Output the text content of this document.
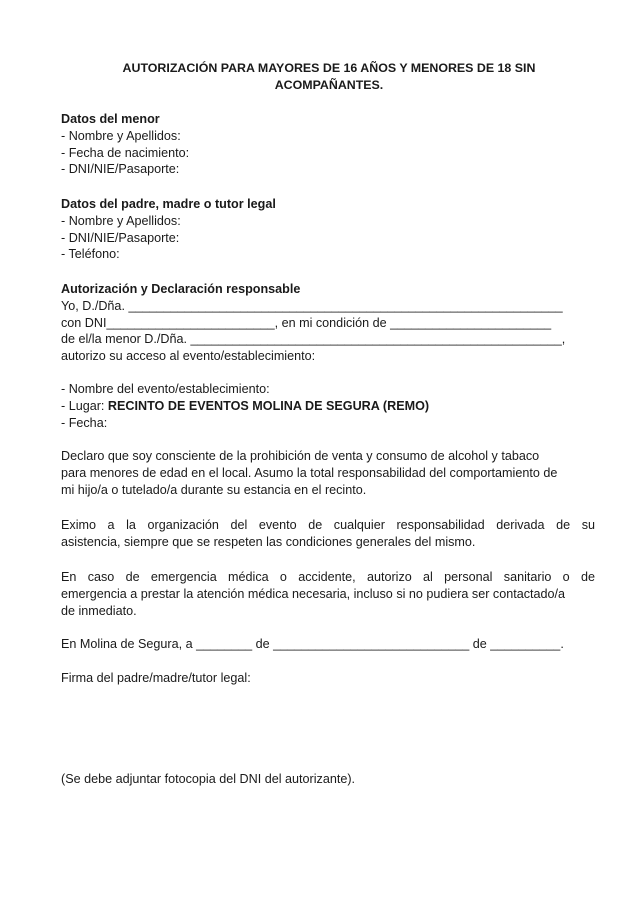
AUTORIZACIÓN PARA MAYORES DE 16 AÑOS Y MENORES DE 18 SIN
ACOMPAÑANTES.
Datos del menor
- Nombre y Apellidos:
- Fecha de nacimiento:
- DNI/NIE/Pasaporte:
Datos del padre, madre o tutor legal
- Nombre y Apellidos:
- DNI/NIE/Pasaporte:
- Teléfono:
Autorización y Declaración responsable
Yo, D./Dña. ______________________________________________________________
con DNI________________________, en mi condición de _______________________
de el/la menor D./Dña. _____________________________________________________,
autorizo su acceso al evento/establecimiento:
- Nombre del evento/establecimiento:
- Lugar: RECINTO DE EVENTOS MOLINA DE SEGURA (REMO)
- Fecha:
Declaro que soy consciente de la prohibición de venta y consumo de alcohol y tabaco
para menores de edad en el local. Asumo la total responsabilidad del comportamiento de
mi hijo/a o tutelado/a durante su estancia en el recinto.
Eximo a la organización del evento de cualquier responsabilidad derivada de su
asistencia, siempre que se respeten las condiciones generales del mismo.
En caso de emergencia médica o accidente, autorizo al personal sanitario o de
emergencia a prestar la atención médica necesaria, incluso si no pudiera ser contactado/a
de inmediato.
En Molina de Segura, a ________ de ____________________________ de __________.
Firma del padre/madre/tutor legal:
(Se debe adjuntar fotocopia del DNI del autorizante).
